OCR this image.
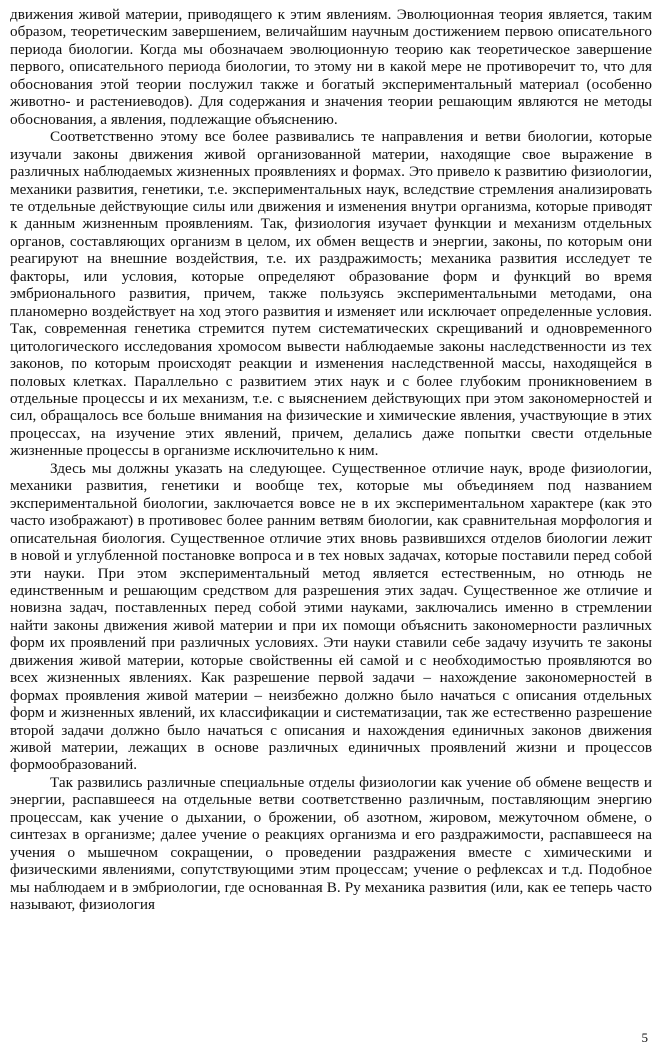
движения живой материи, приводящего к этим явлениям. Эволюционная теория является, таким образом, теоретическим завершением, величайшим научным достижением первою описательного периода биологии. Когда мы обозначаем эволюционную теорию как теоретическое завершение первого, описательного периода биологии, то этому ни в какой мере не противоречит то, что для обоснования этой теории послужил также и богатый экспериментальный материал (особенно животно- и растениеводов). Для содержания и значения теории решающим являются не методы обоснования, а явления, подлежащие объяснению.

Соответственно этому все более развивались те направления и ветви биологии, которые изучали законы движения живой организованной материи, находящие свое выражение в различных наблюдаемых жизненных проявлениях и формах. Это привело к развитию физиологии, механики развития, генетики, т.е. экспериментальных наук, вследствие стремления анализировать те отдельные действующие силы или движения и изменения внутри организма, которые приводят к данным жизненным проявлениям. Так, физиология изучает функции и механизм отдельных органов, составляющих организм в целом, их обмен веществ и энергии, законы, по которым они реагируют на внешние воздействия, т.е. их раздражимость; механика развития исследует те факторы, или условия, которые определяют образование форм и функций во время эмбрионального развития, причем, также пользуясь экспериментальными методами, она планомерно воздействует на ход этого развития и изменяет или исключает определенные условия. Так, современная генетика стремится путем систематических скрещиваний и одновременного цитологического исследования хромосом вывести наблюдаемые законы наследственности из тех законов, по которым происходят реакции и изменения наследственной массы, находящейся в половых клетках. Параллельно с развитием этих наук и с более глубоким проникновением в отдельные процессы и их механизм, т.е. с выяснением действующих при этом закономерностей и сил, обращалось все больше внимания на физические и химические явления, участвующие в этих процессах, на изучение этих явлений, причем, делались даже попытки свести отдельные жизненные процессы в организме исключительно к ним.

Здесь мы должны указать на следующее. Существенное отличие наук, вроде физиологии, механики развития, генетики и вообще тех, которые мы объединяем под названием экспериментальной биологии, заключается вовсе не в их экспериментальном характере (как это часто изображают) в противовес более ранним ветвям биологии, как сравнительная морфология и описательная биология. Существенное отличие этих вновь развившихся отделов биологии лежит в новой и углубленной постановке вопроса и в тех новых задачах, которые поставили перед собой эти науки. При этом экспериментальный метод является естественным, но отнюдь не единственным и решающим средством для разрешения этих задач. Существенное же отличие и новизна задач, поставленных перед собой этими науками, заключались именно в стремлении найти законы движения живой материи и при их помощи объяснить закономерности различных форм их проявлений при различных условиях. Эти науки ставили себе задачу изучить те законы движения живой материи, которые свойственны ей самой и с необходимостью проявляются во всех жизненных явлениях. Как разрешение первой задачи – нахождение закономерностей в формах проявления живой материи – неизбежно должно было начаться с описания отдельных форм и жизненных явлений, их классификации и систематизации, так же естественно разрешение второй задачи должно было начаться с описания и нахождения единичных законов движения живой материи, лежащих в основе различных единичных проявлений жизни и процессов формообразований.

Так развились различные специальные отделы физиологии как учение об обмене веществ и энергии, распавшееся на отдельные ветви соответственно различным, поставляющим энергию процессам, как учение о дыхании, о брожении, об азотном, жировом, межуточном обмене, о синтезах в организме; далее учение о реакциях организма и его раздражимости, распавшееся на учения о мышечном сокращении, о проведении раздражения вместе с химическими и физическими явлениями, сопутствующими этим процессам; учение о рефлексах и т.д. Подобное мы наблюдаем и в эмбриологии, где основанная В. Ру механика развития (или, как ее теперь часто называют, физиология

5
